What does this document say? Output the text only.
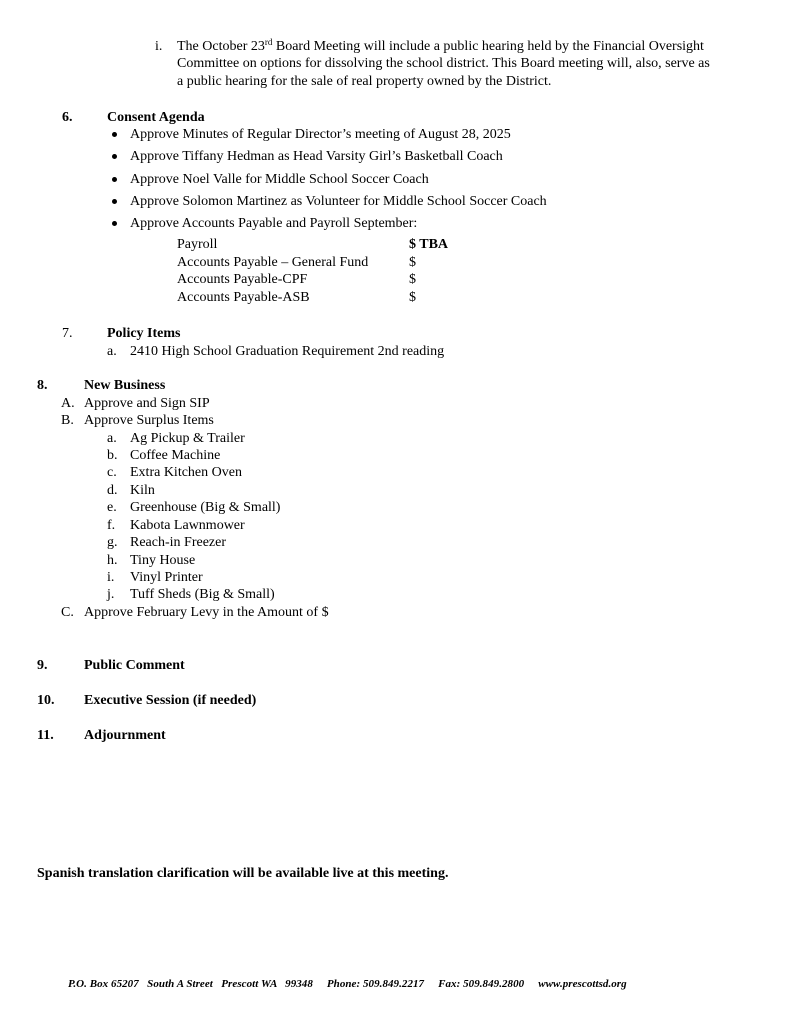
i. The October 23rd Board Meeting will include a public hearing held by the Financial Oversight
Committee on options for dissolving the school district. This Board meeting will, also, serve as
a public hearing for the sale of real property owned by the District.
6. Consent Agenda
Approve Minutes of Regular Director’s meeting of August 28, 2025
Approve Tiffany Hedman as Head Varsity Girl’s Basketball Coach
Approve Noel Valle for Middle School Soccer Coach
Approve Solomon Martinez as Volunteer for Middle School Soccer Coach
Approve Accounts Payable and Payroll September:
Payroll	$ TBA
Accounts Payable – General Fund	$
Accounts Payable-CPF	$
Accounts Payable-ASB	$
7. Policy Items
a. 2410 High School Graduation Requirement 2nd reading
8.	New Business
A. Approve and Sign SIP
B. Approve Surplus Items
a. Ag Pickup & Trailer
b. Coffee Machine
c. Extra Kitchen Oven
d. Kiln
e. Greenhouse (Big & Small)
f. Kabota Lawnmower
g. Reach-in Freezer
h. Tiny House
i. Vinyl Printer
j. Tuff Sheds (Big & Small)
C. Approve February Levy in the Amount of $
9.	Public Comment
10. Executive Session (if needed)
11. Adjournment
Spanish translation clarification will be available live at this meeting.
P.O. Box 65207   South A Street   Prescott WA   99348     Phone: 509.849.2217     Fax: 509.849.2800     www.prescottsd.org
